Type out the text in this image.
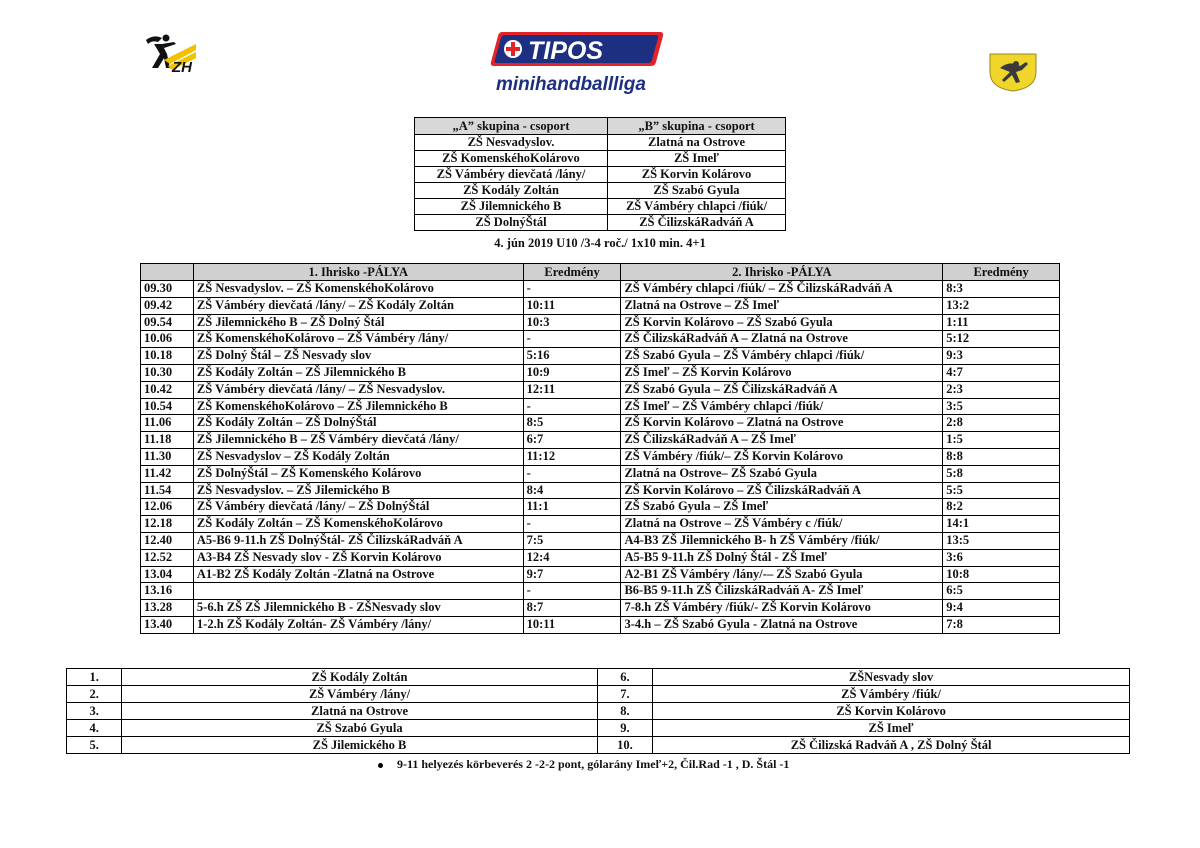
ZH
TIPOS
minihandballliga
„A” skupina - csoport	„B” skupina - csoport
ZŠ Nesvadyslov.	Zlatná na Ostrove
ZŠ KomenskéhoKolárovo	ZŠ Imeľ
ZŠ Vámbéry dievčatá /lány/	ZŠ Korvin Kolárovo
ZŠ Kodály Zoltán	ZŠ Szabó Gyula
ZŠ Jilemnického B	ZŠ Vámbéry chlapci /fiúk/
ZŠ DolnýŠtál	ZŠ ČilizskáRadváň A
4. jún 2019 U10 /3-4 roč./ 1x10 min. 4+1
	1. Ihrisko -PÁLYA	Eredmény	2. Ihrisko -PÁLYA	Eredmény
09.30	ZŠ Nesvadyslov. – ZŠ KomenskéhoKolárovo	-	ZŠ Vámbéry chlapci /fiúk/ – ZŠ ČilizskáRadváň A	8:3
09.42	ZŠ Vámbéry dievčatá /lány/ – ZŠ Kodály Zoltán	10:11	Zlatná na Ostrove – ZŠ Imeľ	13:2
09.54	ZŠ Jilemnického B – ZŠ Dolný Štál	10:3	ZŠ Korvin Kolárovo – ZŠ Szabó Gyula	1:11
10.06	ZŠ KomenskéhoKolárovo – ZŠ Vámbéry /lány/	-	ZŠ ČilizskáRadváň A – Zlatná na Ostrove	5:12
10.18	ZŠ Dolný Štál – ZŠ Nesvady slov	5:16	ZŠ Szabó Gyula – ZŠ Vámbéry chlapci /fiúk/	9:3
10.30	ZŠ Kodály Zoltán – ZŠ Jilemnického B	10:9	ZŠ Imeľ – ZŠ Korvin Kolárovo	4:7
10.42	ZŠ Vámbéry dievčatá /lány/ – ZŠ Nesvadyslov.	12:11	ZŠ Szabó Gyula – ZŠ ČilizskáRadváň A	2:3
10.54	ZŠ KomenskéhoKolárovo – ZŠ Jilemnického B	-	ZŠ Imeľ – ZŠ Vámbéry chlapci /fiúk/	3:5
11.06	ZŠ Kodály Zoltán – ZŠ DolnýŠtál	8:5	ZŠ Korvin Kolárovo – Zlatná na Ostrove	2:8
11.18	ZŠ Jilemnického B – ZŠ Vámbéry dievčatá /lány/	6:7	ZŠ ČilizskáRadváň A – ZŠ Imeľ	1:5
11.30	ZŠ Nesvadyslov – ZŠ Kodály Zoltán	11:12	ZŠ Vámbéry /fiúk/– ZŠ Korvin Kolárovo	8:8
11.42	ZŠ DolnýŠtál – ZŠ Komenského Kolárovo	-	Zlatná na Ostrove– ZŠ Szabó Gyula	5:8
11.54	ZŠ Nesvadyslov. – ZŠ Jilemického B	8:4	ZŠ Korvin Kolárovo – ZŠ ČilizskáRadváň A	5:5
12.06	ZŠ Vámbéry dievčatá /lány/ – ZŠ DolnýŠtál	11:1	ZŠ Szabó Gyula – ZŠ Imeľ	8:2
12.18	ZŠ Kodály Zoltán – ZŠ KomenskéhoKolárovo	-	Zlatná na Ostrove – ZŠ Vámbéry c /fiúk/	14:1
12.40	A5-B6 9-11.h ZŠ DolnýŠtál- ZŠ ČilizskáRadváň A	7:5	A4-B3 ZŠ Jilemnického B- h ZŠ Vámbéry /fiúk/	13:5
12.52	A3-B4 ZŠ Nesvady slov - ZŠ Korvin Kolárovo	12:4	A5-B5 9-11.h ZŠ Dolný Štál - ZŠ Imeľ	3:6
13.04	A1-B2 ZŠ Kodály Zoltán -Zlatná na Ostrove	9:7	A2-B1 ZŠ Vámbéry /lány/-– ZŠ Szabó Gyula	10:8
13.16		-	B6-B5 9-11.h ZŠ ČilizskáRadváň A- ZŠ Imeľ	6:5
13.28	5-6.h ZŠ ZŠ Jilemnického B - ZŠNesvady slov	8:7	7-8.h ZŠ Vámbéry /fiúk/- ZŠ Korvin Kolárovo	9:4
13.40	1-2.h ZŠ Kodály Zoltán- ZŠ Vámbéry /lány/	10:11	3-4.h – ZŠ Szabó Gyula - Zlatná na Ostrove	7:8
1.	ZŠ Kodály Zoltán	6.	ZŠNesvady slov
2.	ZŠ Vámbéry /lány/	7.	ZŠ Vámbéry /fiúk/
3.	Zlatná na Ostrove	8.	ZŠ Korvin Kolárovo
4.	ZŠ Szabó Gyula	9.	ZŠ Imeľ
5.	ZŠ Jilemického B	10.	ZŠ Čilizská Radváň A , ZŠ Dolný Štál
9-11 helyezés körbeverés 2 -2-2 pont, gólarány Imeľ+2, Čil.Rad -1 , D. Štál -1
